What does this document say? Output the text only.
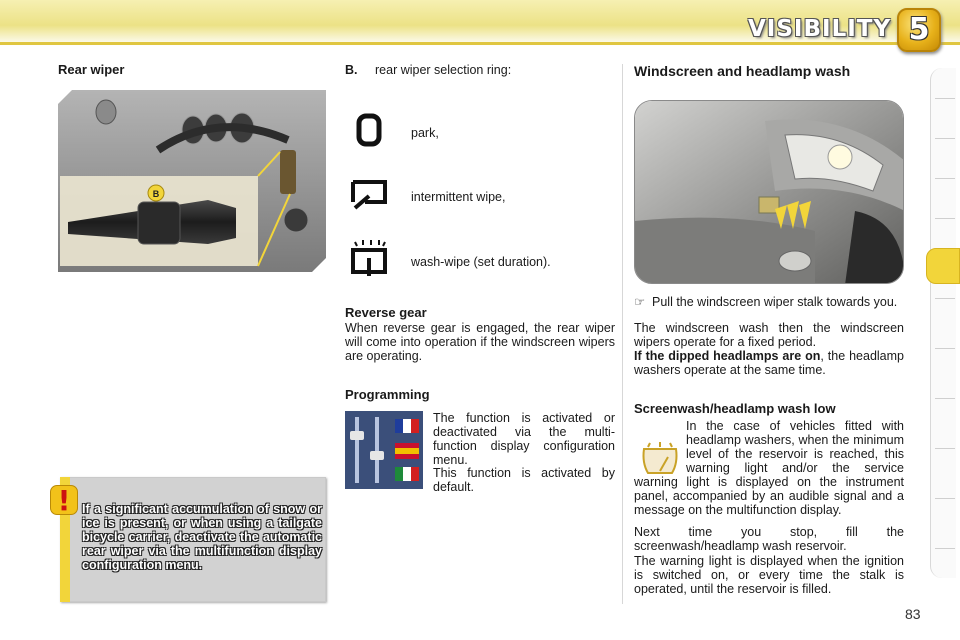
VISIBILITY 5
Rear wiper
B
! If a significant accumulation of snow or ice is present, or when using a tailgate bicycle carrier, deactivate the automatic rear wiper via the multifunction display configuration menu.
B. rear wiper selection ring:
park,
intermittent wipe,
wash-wipe (set duration).
Reverse gear
When reverse gear is engaged, the rear wiper will come into operation if the windscreen wipers are operating.
Programming
The function is activated or deactivated via the multi-function display configuration menu.
This function is activated by default.
Windscreen and headlamp wash
☞ Pull the windscreen wiper stalk towards you.
The windscreen wash then the windscreen wipers operate for a fixed period.
If the dipped headlamps are on, the headlamp washers operate at the same time.
Screenwash/headlamp wash low
In the case of vehicles fitted with headlamp washers, when the minimum level of the reservoir is reached, this warning light and/or the service warning light is displayed on the instrument panel, accompanied by an audible signal and a message on the multifunction display.
Next time you stop, fill the screenwash/headlamp wash reservoir.
The warning light is displayed when the ignition is switched on, or every time the stalk is operated, until the reservoir is filled.
83
